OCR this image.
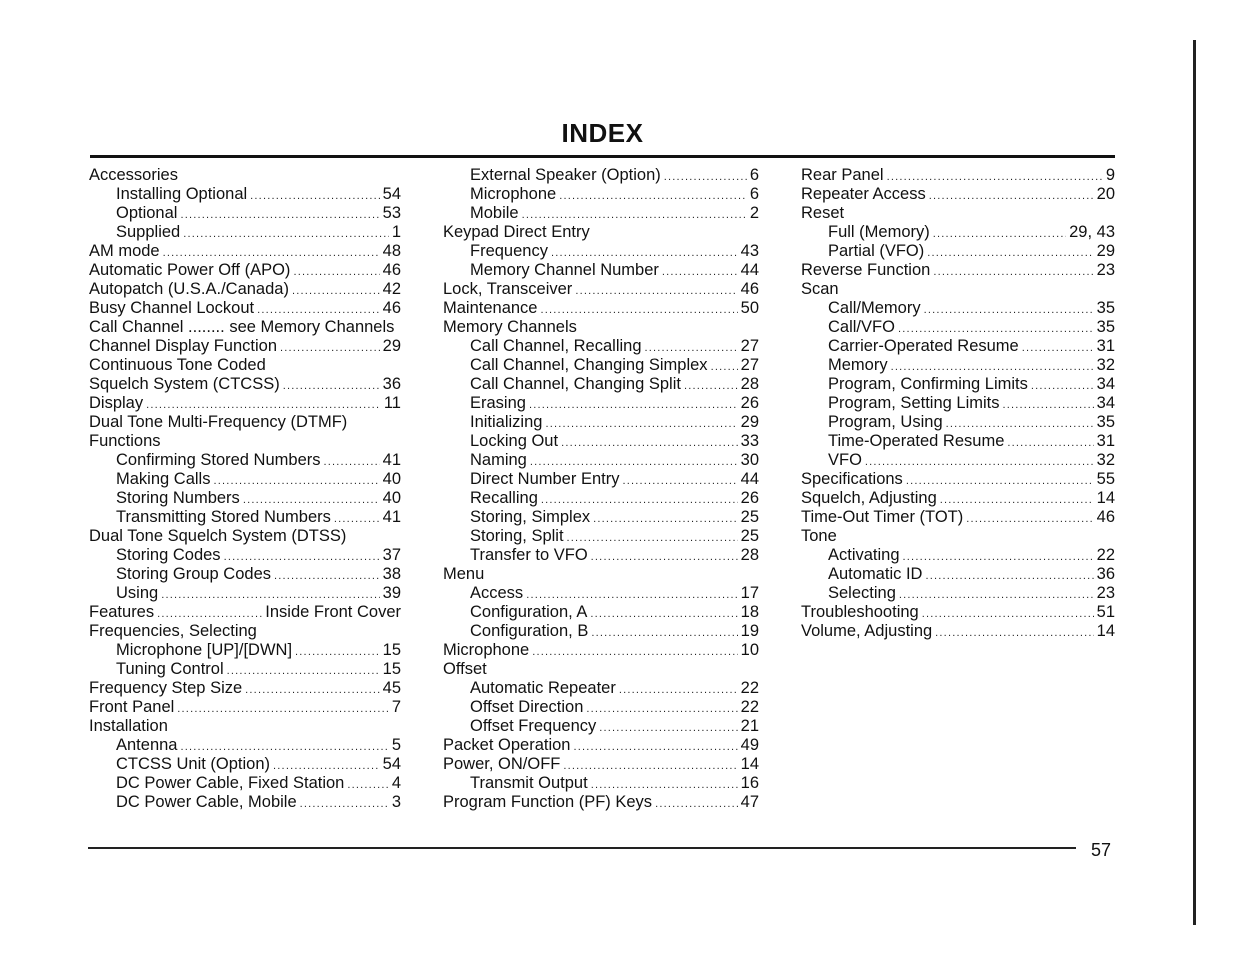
INDEX
Accessories
Installing Optional .....	54
Optional .....	53
Supplied .....	1
AM mode .....	48
Automatic Power Off (APO) .....	46
Autopatch (U.S.A./Canada) .....	42
Busy Channel Lockout .....	46
Call Channel ........ see Memory Channels
Channel Display Function .....	29
Continuous Tone Coded
Squelch System (CTCSS) .....	36
Display .....	11
Dual Tone Multi-Frequency (DTMF)
Functions
Confirming Stored Numbers .....	41
Making Calls .....	40
Storing Numbers .....	40
Transmitting Stored Numbers .....	41
Dual Tone Squelch System (DTSS)
Storing Codes .....	37
Storing Group Codes .....	38
Using .....	39
Features .....	Inside Front Cover
Frequencies, Selecting
Microphone [UP]/[DWN] .....	15
Tuning Control .....	15
Frequency Step Size .....	45
Front Panel .....	7
Installation
Antenna .....	5
CTCSS Unit (Option) .....	54
DC Power Cable, Fixed Station .....	4
DC Power Cable, Mobile .....	3
External Speaker (Option) .....	6
Microphone .....	6
Mobile .....	2
Keypad Direct Entry
Frequency .....	43
Memory Channel Number .....	44
Lock, Transceiver .....	46
Maintenance .....	50
Memory Channels
Call Channel, Recalling .....	27
Call Channel, Changing Simplex ..... 27
Call Channel, Changing Split .....	28
Erasing .....	26
Initializing .....	29
Locking Out .....	33
Naming .....	30
Direct Number Entry .....	44
Recalling .....	26
Storing, Simplex .....	25
Storing, Split .....	25
Transfer to VFO .....	28
Menu
Access .....	17
Configuration, A .....	18
Configuration, B .....	19
Microphone .....	10
Offset
Automatic Repeater .....	22
Offset Direction .....	22
Offset Frequency .....	21
Packet Operation .....	49
Power, ON/OFF .....	14
Transmit Output .....	16
Program Function (PF) Keys .....	47
Rear Panel .....	9
Repeater Access .....	20
Reset
Full (Memory) .....	29, 43
Partial (VFO) .....	29
Reverse Function .....	23
Scan
Call/Memory .....	35
Call/VFO .....	35
Carrier-Operated Resume .....	31
Memory .....	32
Program, Confirming Limits .....	34
Program, Setting Limits .....	34
Program, Using .....	35
Time-Operated Resume .....	31
VFO .....	32
Specifications .....	55
Squelch, Adjusting .....	14
Time-Out Timer (TOT) .....	46
Tone
Activating .....	22
Automatic ID .....	36
Selecting .....	23
Troubleshooting .....	51
Volume, Adjusting .....	14
57
